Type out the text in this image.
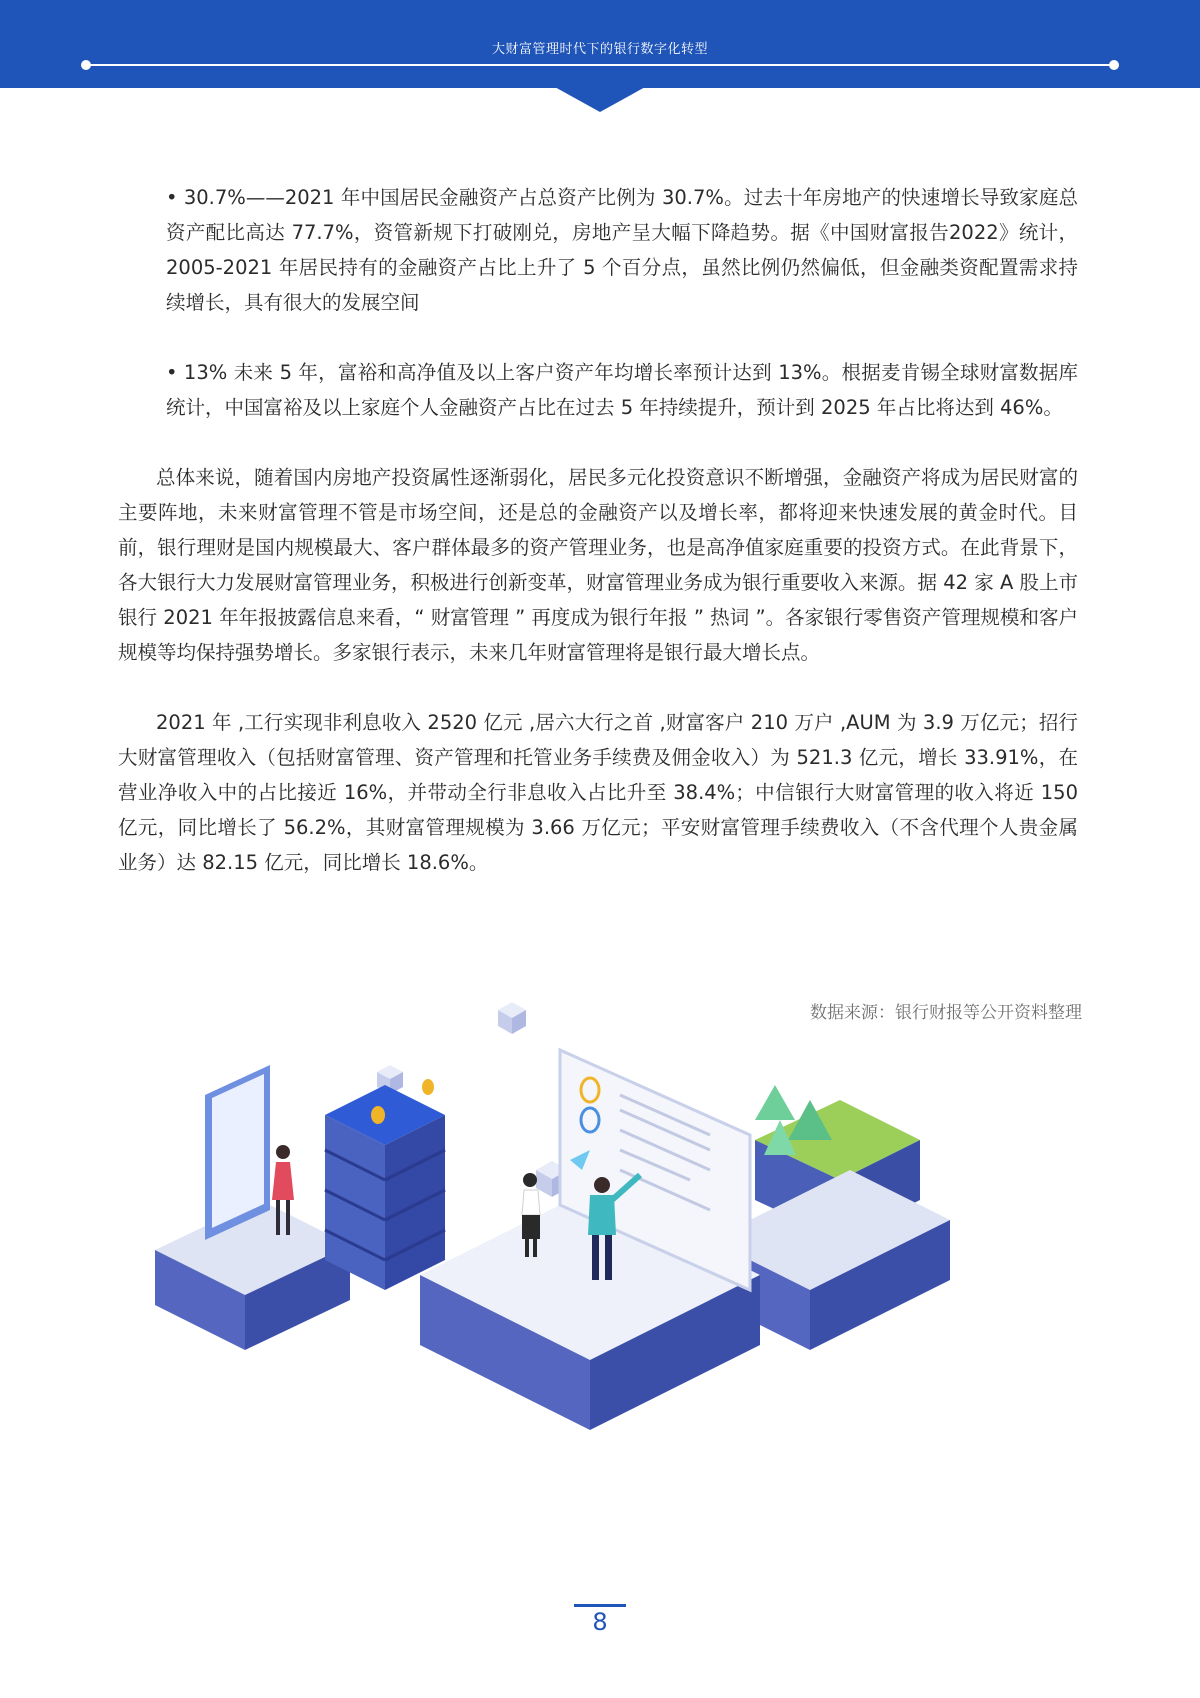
大财富管理时代下的银行数字化转型

• 30.7%——2021 年中国居民金融资产占总资产比例为 30.7%。过去十年房地产的快速增长导致家庭总资产配比高达 77.7%，资管新规下打破刚兑，房地产呈大幅下降趋势。据《中国财富报告2022》统计，2005-2021 年居民持有的金融资产占比上升了 5 个百分点，虽然比例仍然偏低，但金融类资配置需求持续增长，具有很大的发展空间

• 13% 未来 5 年，富裕和高净值及以上客户资产年均增长率预计达到 13%。根据麦肯锡全球财富数据库统计，中国富裕及以上家庭个人金融资产占比在过去 5 年持续提升，预计到 2025 年占比将达到 46%。

总体来说，随着国内房地产投资属性逐渐弱化，居民多元化投资意识不断增强，金融资产将成为居民财富的主要阵地，未来财富管理不管是市场空间，还是总的金融资产以及增长率，都将迎来快速发展的黄金时代。目前，银行理财是国内规模最大、客户群体最多的资产管理业务，也是高净值家庭重要的投资方式。在此背景下，各大银行大力发展财富管理业务，积极进行创新变革，财富管理业务成为银行重要收入来源。据 42 家 A 股上市银行 2021 年年报披露信息来看，“ 财富管理 ” 再度成为银行年报 ” 热词 ”。各家银行零售资产管理规模和客户规模等均保持强势增长。多家银行表示，未来几年财富管理将是银行最大增长点。

2021 年 ,工行实现非利息收入 2520 亿元 ,居六大行之首 ,财富客户 210 万户 ,AUM 为 3.9 万亿元；招行大财富管理收入（包括财富管理、资产管理和托管业务手续费及佣金收入）为 521.3 亿元，增长 33.91%，在营业净收入中的占比接近 16%，并带动全行非息收入占比升至 38.4%；中信银行大财富管理的收入将近 150 亿元，同比增长了 56.2%，其财富管理规模为 3.66 万亿元；平安财富管理手续费收入（不含代理个人贵金属业务）达 82.15 亿元，同比增长 18.6%。

数据来源：银行财报等公开资料整理
8
